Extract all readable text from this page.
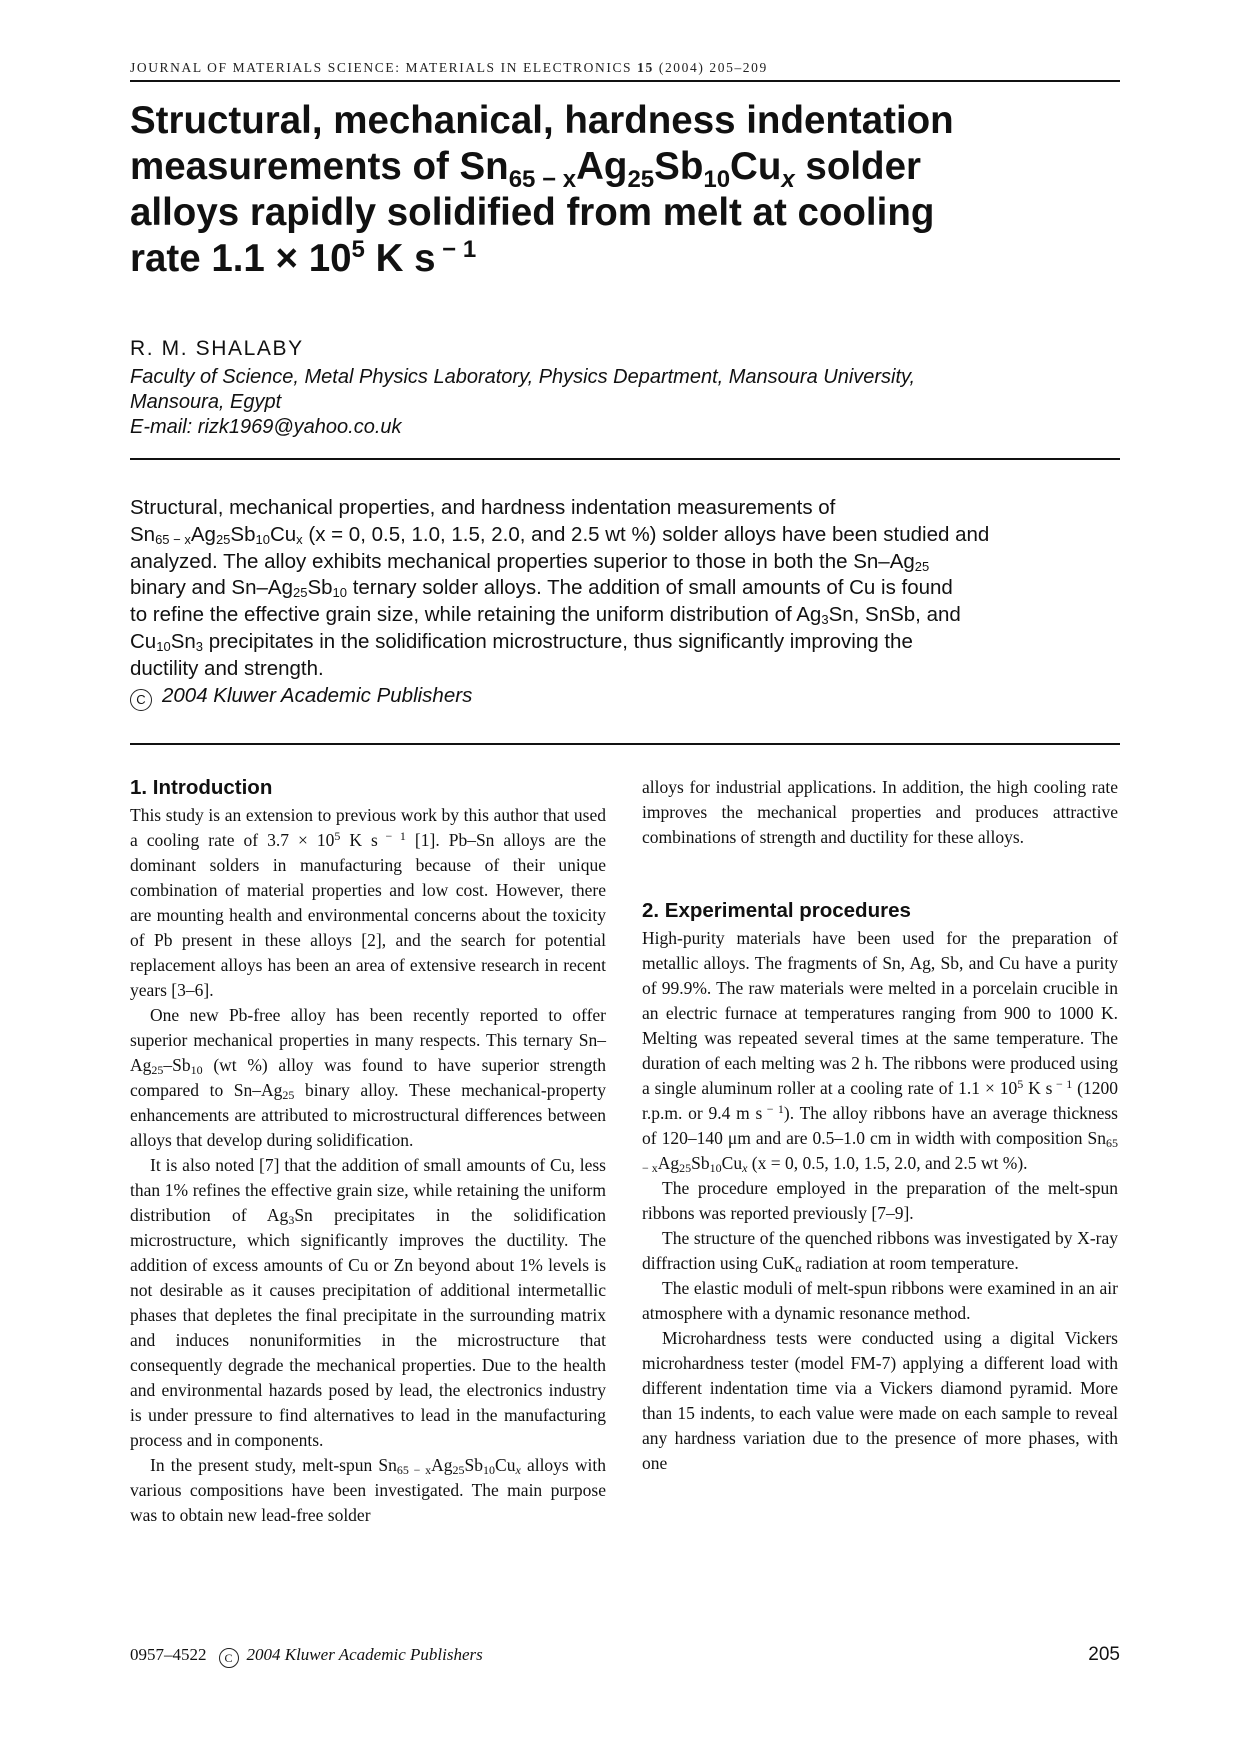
JOURNAL OF MATERIALS SCIENCE: MATERIALS IN ELECTRONICS 15 (2004) 205–209
Structural, mechanical, hardness indentation
measurements of $Sn_{65 - x}Ag_{25}Sb_{10}Cu_x$ solder
alloys rapidly solidified from melt at cooling
rate $1.1 \times 10^5$ K s $^{- 1}$
R. M. SHALABY
Faculty of Science, Metal Physics Laboratory, Physics Department, Mansoura University,
Mansoura, Egypt
E-mail: rizk1969@yahoo.co.uk
Structural, mechanical properties, and hardness indentation measurements of
$Sn_{65 - x}Ag_{25}Sb_{10}Cu_x$ (x = 0, 0.5, 1.0, 1.5, 2.0, and 2.5 wt %) solder alloys have been studied and
analyzed. The alloy exhibits mechanical properties superior to those in both the $Sn-Ag_{25}$
binary and $Sn-Ag_{25}Sb_{10}$ ternary solder alloys. The addition of small amounts of Cu is found
to refine the effective grain size, while retaining the uniform distribution of $Ag_3Sn$, SnSb, and
$Cu_{10}Sn_3$ precipitates in the solidification microstructure, thus significantly improving the
ductility and strength.
C 2004 Kluwer Academic Publishers
1. Introduction

This study is an extension to previous work by this author that used a cooling rate of $3.7 \times 10^5$ K s $^{- 1}$ [1]. Pb–Sn alloys are the dominant solders in manufacturing because of their unique combination of material properties and low cost. However, there are mounting health and environmental concerns about the toxicity of Pb present in these alloys [2], and the search for potential replacement alloys has been an area of extensive research in recent years [3–6].

One new Pb-free alloy has been recently reported to offer superior mechanical properties in many respects. This ternary $Sn-Ag_{25}-Sb_{10}$ (wt %) alloy was found to have superior strength compared to $Sn-Ag_{25}$ binary alloy. These mechanical-property enhancements are attributed to microstructural differences between alloys that develop during solidification.

It is also noted [7] that the addition of small amounts of Cu, less than 1% refines the effective grain size, while retaining the uniform distribution of $Ag_3Sn$ precipitates in the solidification microstructure, which significantly improves the ductility. The addition of excess amounts of Cu or Zn beyond about 1% levels is not desirable as it causes precipitation of additional intermetallic phases that depletes the final precipitate in the surrounding matrix and induces nonuniformities in the microstructure that consequently degrade the mechanical properties. Due to the health and environmental hazards posed by lead, the electronics industry is under pressure to find alternatives to lead in the manufacturing process and in components.

In the present study, melt-spun $Sn_{65 - x}Ag_{25}Sb_{10}Cu_x$ alloys with various compositions have been investigated. The main purpose was to obtain new lead-free solder

alloys for industrial applications. In addition, the high cooling rate improves the mechanical properties and produces attractive combinations of strength and ductility for these alloys.

2. Experimental procedures

High-purity materials have been used for the preparation of metallic alloys. The fragments of Sn, Ag, Sb, and Cu have a purity of 99.9%. The raw materials were melted in a porcelain crucible in an electric furnace at temperatures ranging from 900 to 1000 K. Melting was repeated several times at the same temperature. The duration of each melting was 2 h. The ribbons were produced using a single aluminum roller at a cooling rate of $1.1 \times 10^5$ K s $^{- 1}$ (1200 r.p.m. or 9.4 m s $^{- 1}$). The alloy ribbons have an average thickness of 120–140 μm and are 0.5–1.0 cm in width with composition $Sn_{65 - x}Ag_{25}Sb_{10}Cu_x$ (x = 0, 0.5, 1.0, 1.5, 2.0, and 2.5 wt %).

The procedure employed in the preparation of the melt-spun ribbons was reported previously [7–9].

The structure of the quenched ribbons was investigated by X-ray diffraction using CuK$_\alpha$ radiation at room temperature.

The elastic moduli of melt-spun ribbons were examined in an air atmosphere with a dynamic resonance method.

Microhardness tests were conducted using a digital Vickers microhardness tester (model FM-7) applying a different load with different indentation time via a Vickers diamond pyramid. More than 15 indents, to each value were made on each sample to reveal any hardness variation due to the presence of more phases, with one

0957–4522 C 2004 Kluwer Academic Publishers	205
